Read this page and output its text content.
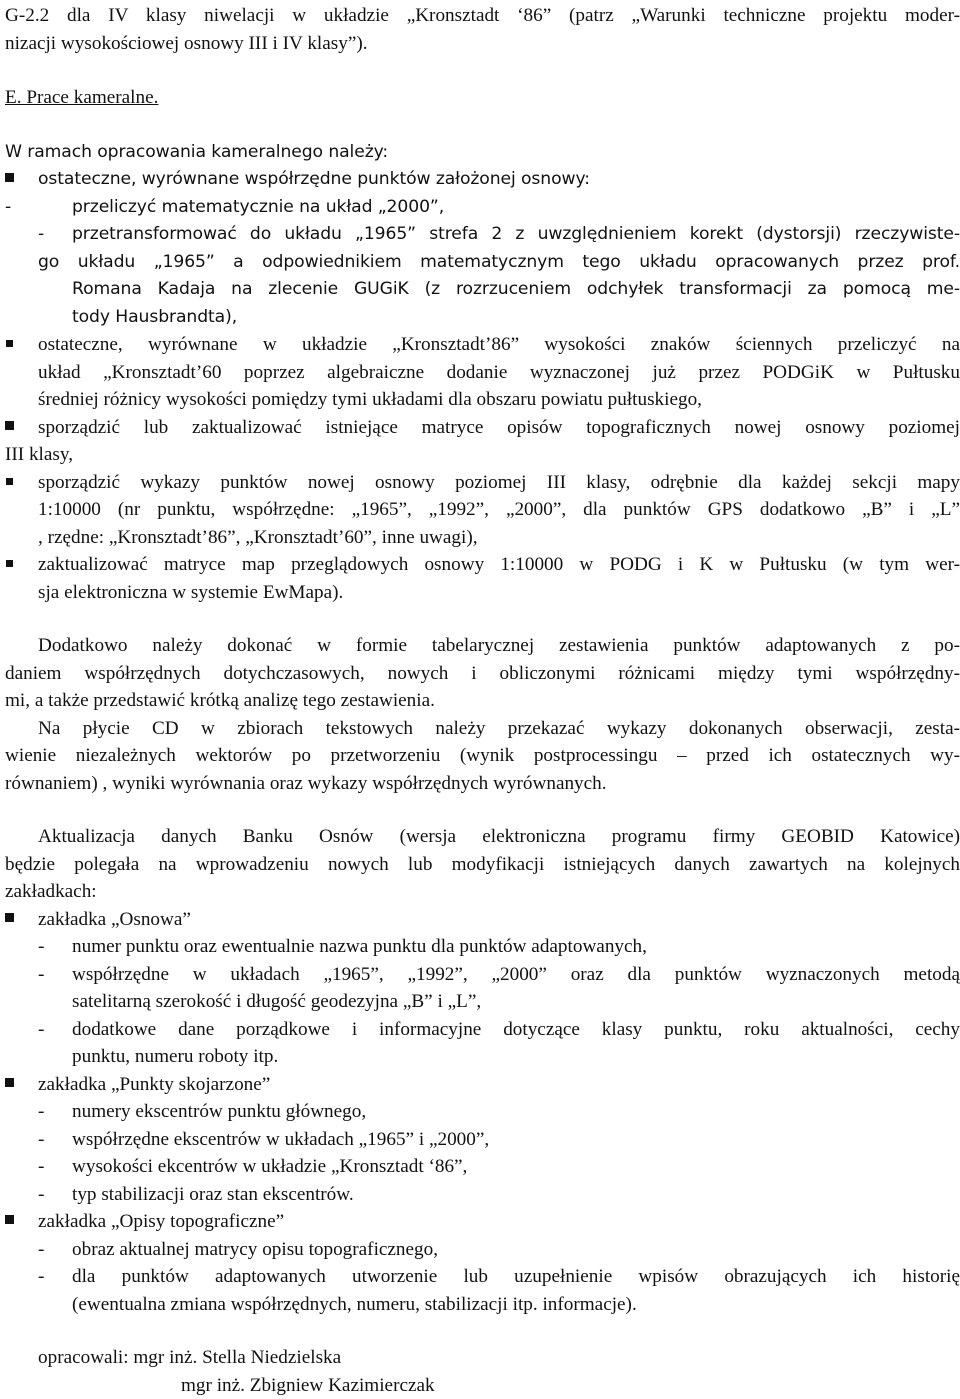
G-2.2 dla IV klasy niwelacji w układzie „Kronsztadt ‘86” (patrz „Warunki techniczne projektu moder-

nizacji wysokościowej osnowy III i IV klasy”).

E. Prace kameralne.

W ramach opracowania kameralnego należy:

ostateczne, wyrównane współrzędne punktów założonej osnowy:
-	przeliczyć matematycznie na układ „2000”,
- przetransformować do układu „1965” strefa 2 z uwzględnieniem korekt (dystorsji) rzeczywiste-
go układu „1965” a odpowiednikiem matematycznym tego układu opracowanych przez prof.
Romana Kadaja na zlecenie GUGiK (z rozrzuceniem odchyłek transformacji za pomocą me-
tody Hausbrandta),
ostateczne, wyrównane w układzie „Kronsztadt’86” wysokości znaków ściennych przeliczyć na
układ „Kronsztadt’60 poprzez algebraiczne dodanie wyznaczonej już przez PODGiK w Pułtusku
średniej różnicy wysokości pomiędzy tymi układami dla obszaru powiatu pułtuskiego,
sporządzić lub zaktualizować istniejące matryce opisów topograficznych nowej osnowy poziomej
III klasy,
sporządzić wykazy punktów nowej osnowy poziomej III klasy, odrębnie dla każdej sekcji mapy
1:10000 (nr punktu, współrzędne: „1965”, „1992”, „2000”, dla punktów GPS dodatkowo „B” i „L”
, rzędne: „Kronsztadt’86”, „Kronsztadt’60”, inne uwagi),
zaktualizować matryce map przeglądowych osnowy 1:10000 w PODG i K w Pułtusku (w tym wer-
sja elektroniczna w systemie EwMapa).
Dodatkowo należy dokonać w formie tabelarycznej zestawienia punktów adaptowanych z po-
daniem współrzędnych dotychczasowych, nowych i obliczonymi różnicami między tymi współrzędny-
mi, a także przedstawić krótką analizę tego zestawienia.
Na płycie CD w zbiorach tekstowych należy przekazać wykazy dokonanych obserwacji, zesta-
wienie niezależnych wektorów po przetworzeniu (wynik postprocessingu – przed ich ostatecznych wy-
równaniem) , wyniki wyrównania oraz wykazy współrzędnych wyrównanych.
Aktualizacja danych Banku Osnów (wersja elektroniczna programu firmy GEOBID Katowice)
będzie polegała na wprowadzeniu nowych lub modyfikacji istniejących danych zawartych na kolejnych
zakładkach:
zakładka „Osnowa”
- numer punktu oraz ewentualnie nazwa punktu dla punktów adaptowanych,
- współrzędne w układach „1965”, „1992”, „2000” oraz dla punktów wyznaczonych metodą
satelitarną szerokość i długość geodezyjna „B” i „L”,
- dodatkowe dane porządkowe i informacyjne dotyczące klasy punktu, roku aktualności, cechy
punktu, numeru roboty itp.
zakładka „Punkty skojarzone”
- numery ekscentrów punktu głównego,
- współrzędne ekscentrów w układach „1965” i „2000”,
- wysokości ekcentrów w układzie „Kronsztadt ‘86”,
- typ stabilizacji oraz stan ekscentrów.
zakładka „Opisy topograficzne”
- obraz aktualnej matrycy opisu topograficznego,
- dla punktów adaptowanych utworzenie lub uzupełnienie wpisów obrazujących ich historię
(ewentualna zmiana współrzędnych, numeru, stabilizacji itp. informacje).

opracowali: mgr inż. Stella Niedzielska

mgr inż. Zbigniew Kazimierczak
